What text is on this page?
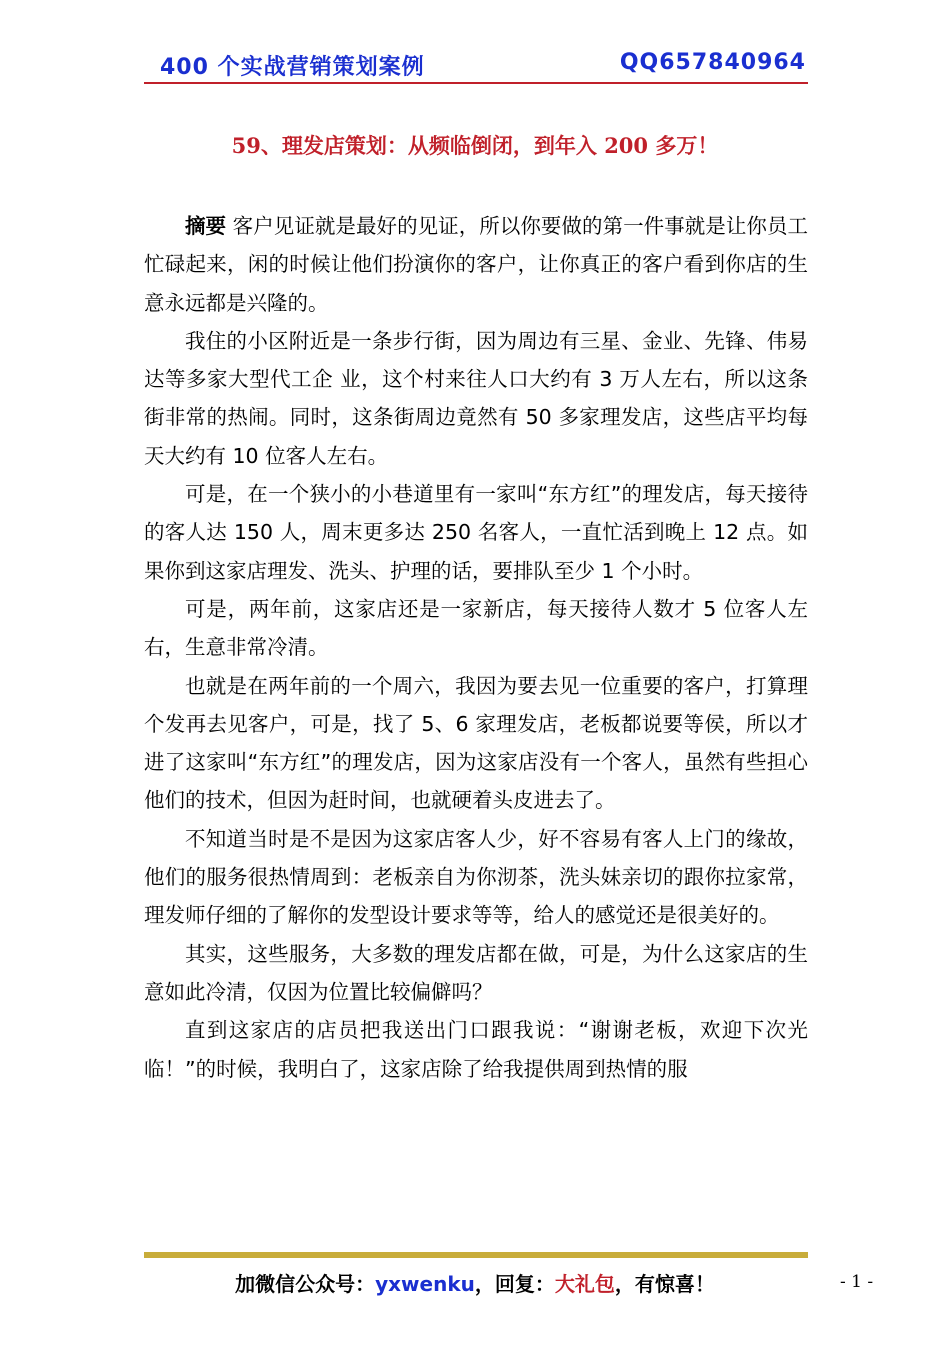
400 个实战营销策划案例	QQ657840964
59、理发店策划：从频临倒闭，到年入 200 多万！

摘要 客户见证就是最好的见证，所以你要做的第一件事就是让你员工忙碌起来，闲的时候让他们扮演你的客户，让你真正的客户看到你店的生意永远都是兴隆的。

我住的小区附近是一条步行街，因为周边有三星、金业、先锋、伟易达等多家大型代工企 业，这个村来往人口大约有 3 万人左右，所以这条街非常的热闹。同时，这条街周边竟然有 50 多家理发店，这些店平均每天大约有 10 位客人左右。

可是，在一个狭小的小巷道里有一家叫“东方红”的理发店，每天接待的客人达 150 人，周末更多达 250 名客人，一直忙活到晚上 12 点。如果你到这家店理发、洗头、护理的话，要排队至少 1 个小时。

可是，两年前，这家店还是一家新店，每天接待人数才 5 位客人左右，生意非常冷清。

也就是在两年前的一个周六，我因为要去见一位重要的客户，打算理个发再去见客户，可是，找了 5、6 家理发店，老板都说要等侯，所以才进了这家叫“东方红”的理发店，因为这家店没有一个客人，虽然有些担心他们的技术，但因为赶时间，也就硬着头皮进去了。

不知道当时是不是因为这家店客人少，好不容易有客人上门的缘故，他们的服务很热情周到：老板亲自为你沏茶，洗头妹亲切的跟你拉家常，理发师仔细的了解你的发型设计要求等等，给人的感觉还是很美好的。

其实，这些服务，大多数的理发店都在做，可是，为什么这家店的生意如此冷清，仅因为位置比较偏僻吗？

直到这家店的店员把我送出门口跟我说：“谢谢老板，欢迎下次光临！”的时候，我明白了，这家店除了给我提供周到热情的服

加微信公众号：yxwenku，回复：大礼包，有惊喜！	- 1 -
